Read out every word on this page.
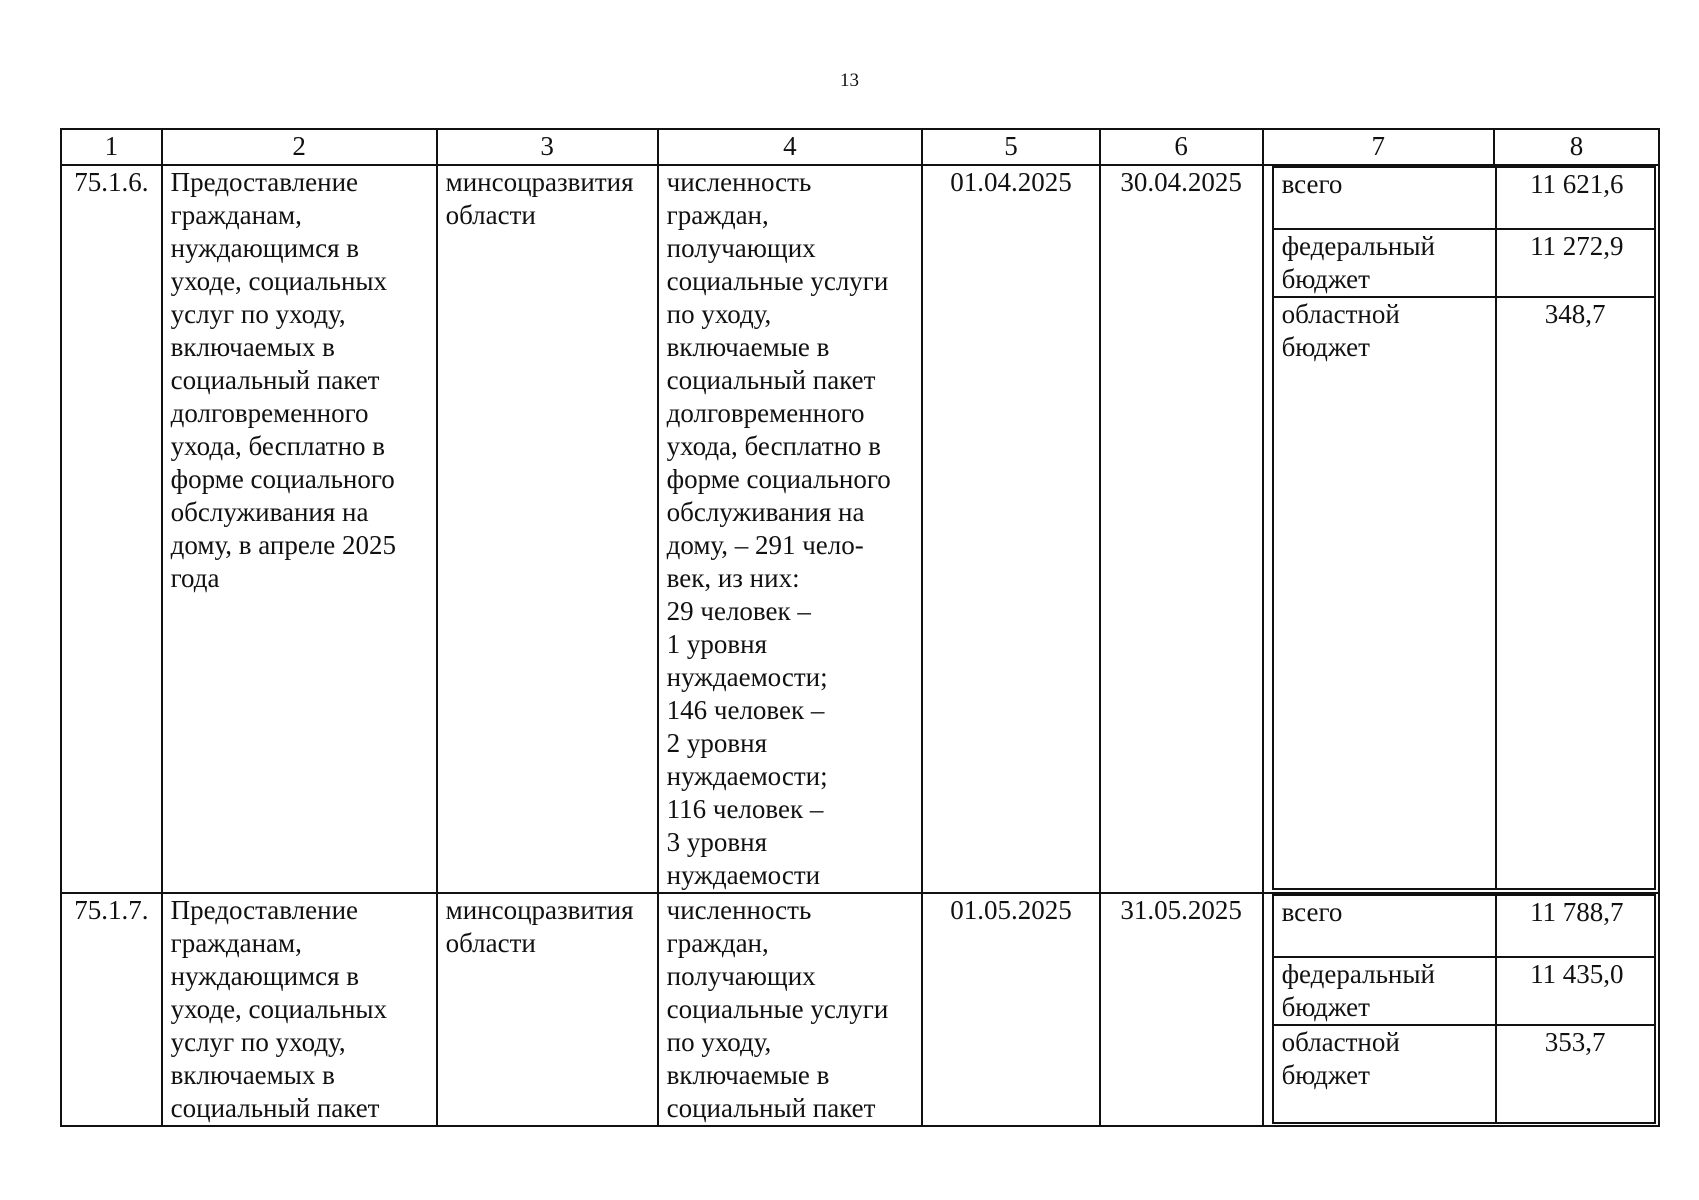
13
1	2	3	4	5	6	7	8
75.1.6.	Предоставление гражданам, нуждающимся в уходе, социальных услуг по уходу, включаемых в социальный пакет долговременного ухода, бесплатно в форме социального обслуживания на дому, в апреле 2025 года	минсоцразвития области	численность граждан, получающих социальные услуги по уходу, включаемые в социальный пакет долговременного ухода, бесплатно в форме социального обслуживания на дому, – 291 чело-
век, из них:
29 человек –
1 уровня нуждаемости;
146 человек –
2 уровня нуждаемости;
116 человек –
3 уровня нуждаемости	01.04.2025	30.04.2025	всего	11 621,6
федеральный бюджет	11 272,9
областной бюджет	348,7

75.1.7.	Предоставление гражданам, нуждающимся в уходе, социальных услуг по уходу, включаемых в социальный пакет	минсоцразвития области	численность граждан, получающих социальные услуги по уходу, включаемые в социальный пакет	01.05.2025	31.05.2025	всего	11 788,7
федеральный бюджет	11 435,0
областной бюджет	353,7
